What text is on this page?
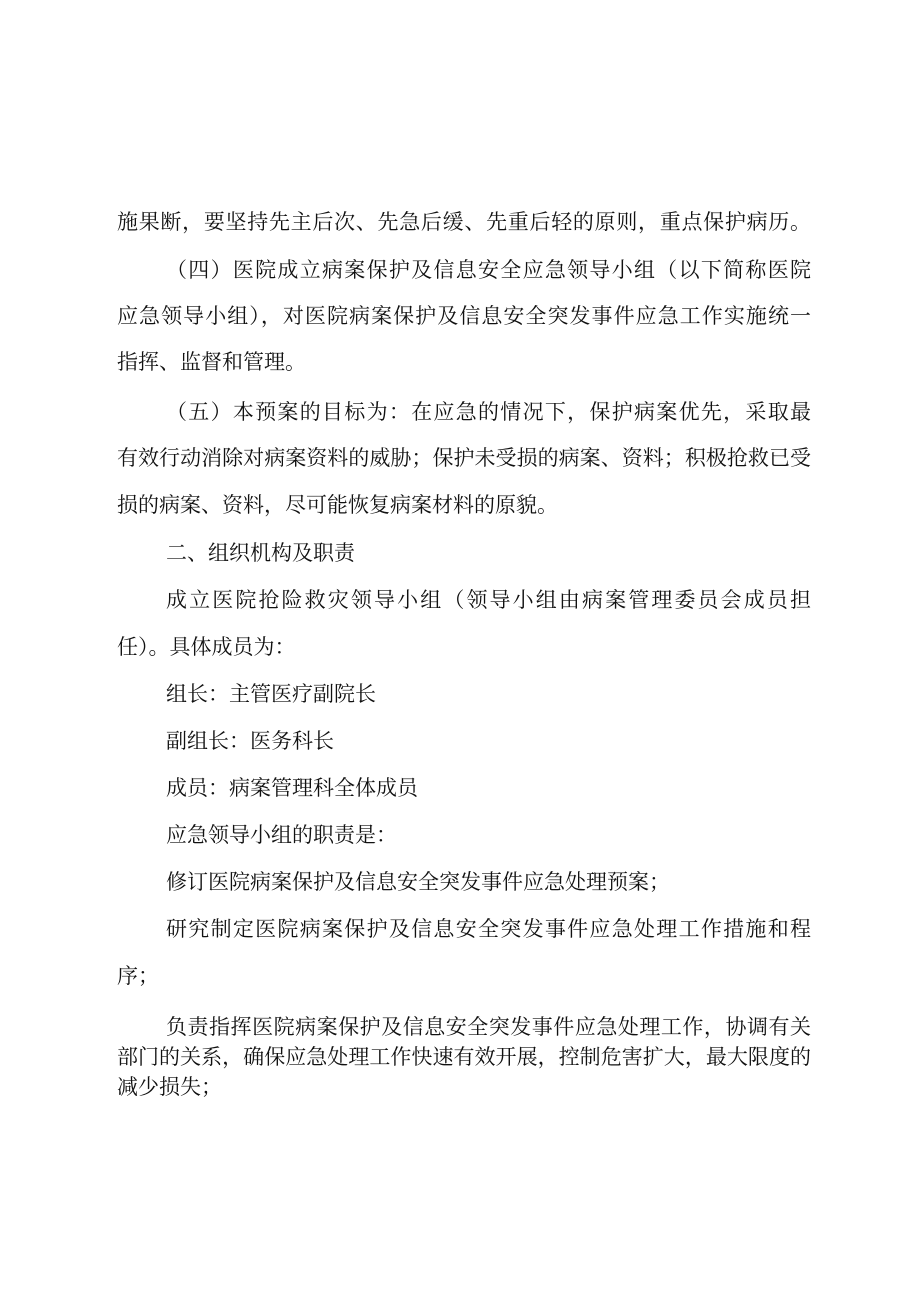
施果断，要坚持先主后次、先急后缓、先重后轻的原则，重点保护病历。

（四）医院成立病案保护及信息安全应急领导小组（以下简称医院

应急领导小组），对医院病案保护及信息安全突发事件应急工作实施统一

指挥、监督和管理。

（五）本预案的目标为：在应急的情况下，保护病案优先，采取最

有效行动消除对病案资料的威胁；保护未受损的病案、资料；积极抢救已受

损的病案、资料，尽可能恢复病案材料的原貌。

二、组织机构及职责

成立医院抢险救灾领导小组（领导小组由病案管理委员会成员担

任）。具体成员为：

组长：主管医疗副院长

副组长：医务科长

成员：病案管理科全体成员

应急领导小组的职责是：

修订医院病案保护及信息安全突发事件应急处理预案；

研究制定医院病案保护及信息安全突发事件应急处理工作措施和程

序；

负责指挥医院病案保护及信息安全突发事件应急处理工作，协调有关部门的关系，确保应急处理工作快速有效开展，控制危害扩大，最大限度的减少损失；
